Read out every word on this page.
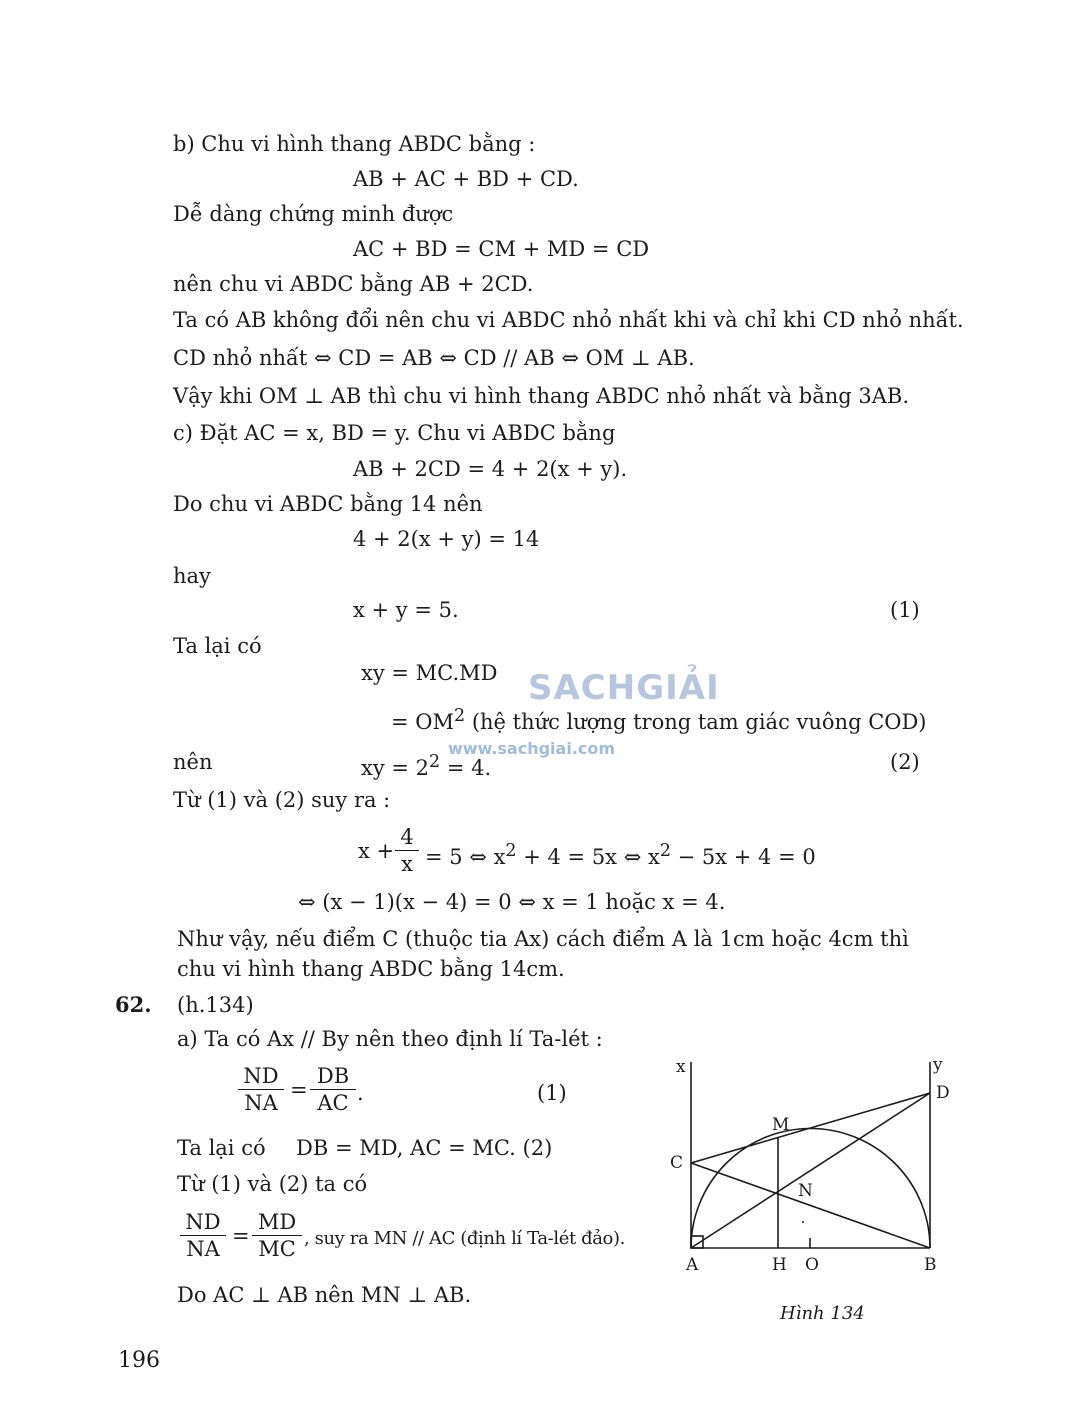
b) Chu vi hình thang ABDC bằng :
AB + AC + BD + CD.
Dễ dàng chứng minh được
AC + BD = CM + MD = CD
nên chu vi ABDC bằng AB + 2CD.
Ta có AB không đổi nên chu vi ABDC nhỏ nhất khi và chỉ khi CD nhỏ nhất.
CD nhỏ nhất ⇔ CD = AB ⇔ CD // AB ⇔ OM ⊥ AB.
Vậy khi OM ⊥ AB thì chu vi hình thang ABDC nhỏ nhất và bằng 3AB.
c) Đặt AC = x, BD = y. Chu vi ABDC bằng
AB + 2CD = 4 + 2(x + y).
Do chu vi ABDC bằng 14 nên
4 + 2(x + y) = 14
hay
x + y = 5.	(1)
Ta lại có
xy = MC.MD
= $OM^2$ (hệ thức lượng trong tam giác vuông COD)
nên	xy = $2^2 = 4$.	(2)
Từ (1) và (2) suy ra :
$x + \frac{4}{x} = 5$ ⇔ $x^2 + 4 = 5x$ ⇔ $x^2 - 5x + 4 = 0$
⇔ (x − 1)(x − 4) = 0 ⇔ x = 1 hoặc x = 4.
Như vậy, nếu điểm C (thuộc tia Ax) cách điểm A là 1cm hoặc 4cm thì
chu vi hình thang ABDC bằng 14cm.
62. (h.134)
a) Ta có Ax // By nên theo định lí Ta-lét :
$\frac{ND}{NA} = \frac{DB}{AC}$ .	(1)
Ta lại có DB = MD, AC = MC. (2)
Từ (1) và (2) ta có
$\frac{ND}{NA} = \frac{MD}{MC}$ , suy ra MN // AC (định lí Ta-lét đảo).
Do AC ⊥ AB nên MN ⊥ AB.
x	y
D
M
C
N
A	H O	B
Hình 134
SACHGIẢI
www.sachgiai.com
196
